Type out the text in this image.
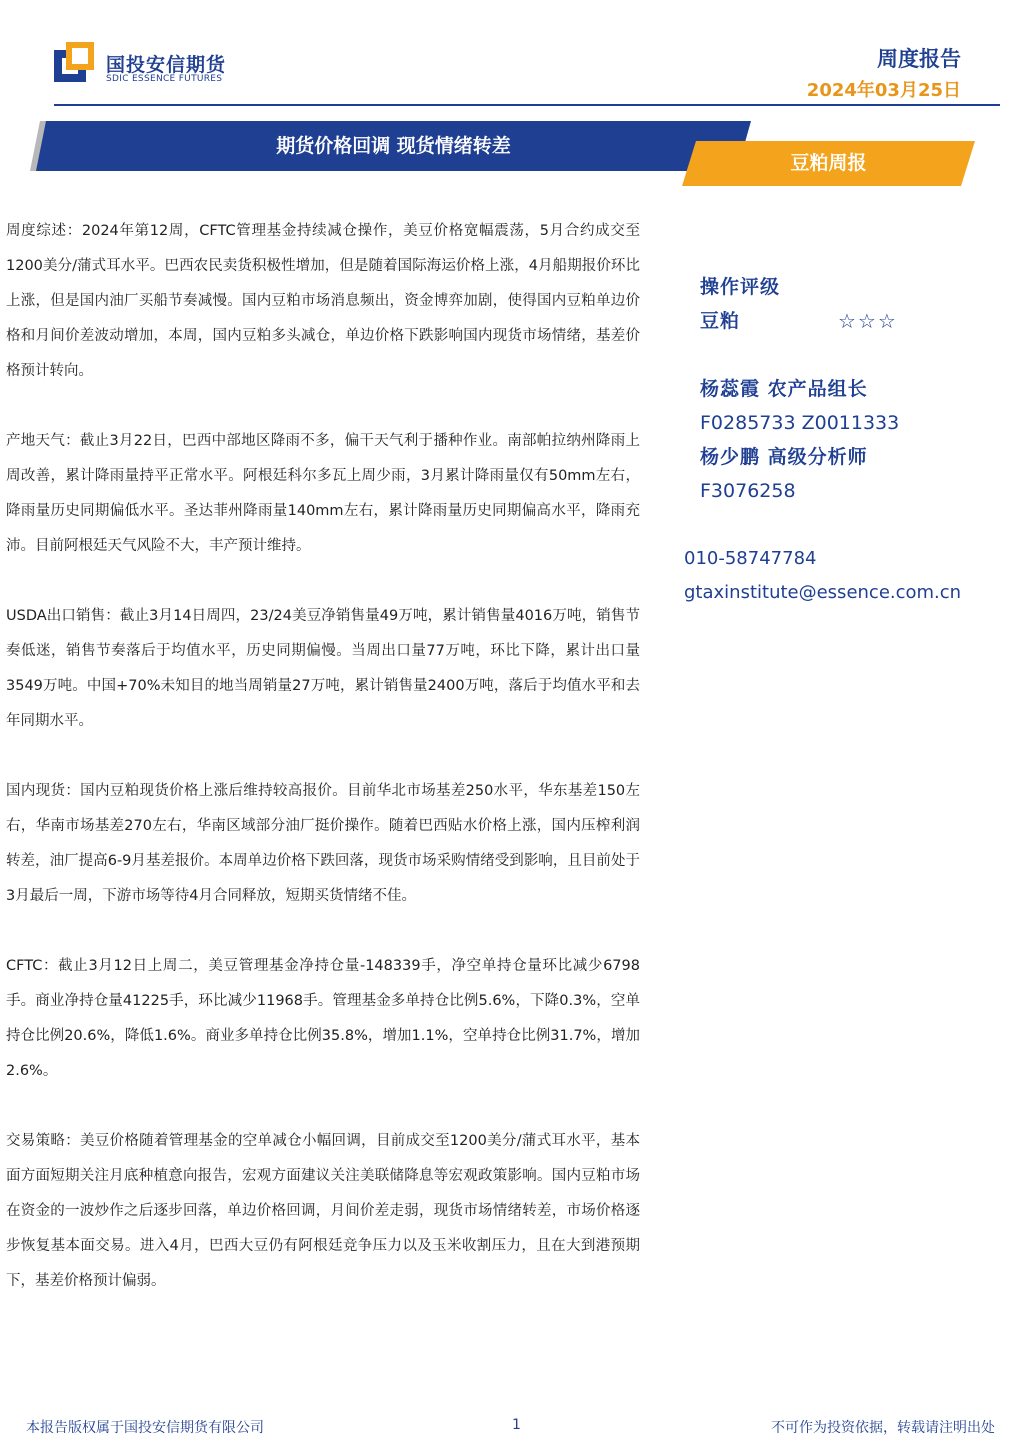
国投安信期货
SDIC ESSENCE FUTURES
周度报告
2024年03月25日
期货价格回调 现货情绪转差
豆粕周报

周度综述：2024年第12周，CFTC管理基金持续减仓操作，美豆价格宽幅震荡，5月合约成交至1200美分/蒲式耳水平。巴西农民卖货积极性增加，但是随着国际海运价格上涨，4月船期报价环比上涨，但是国内油厂买船节奏减慢。国内豆粕市场消息频出，资金博弈加剧，使得国内豆粕单边价格和月间价差波动增加，本周，国内豆粕多头减仓，单边价格下跌影响国内现货市场情绪，基差价格预计转向。

产地天气：截止3月22日，巴西中部地区降雨不多，偏干天气利于播种作业。南部帕拉纳州降雨上周改善，累计降雨量持平正常水平。阿根廷科尔多瓦上周少雨，3月累计降雨量仅有50mm左右，降雨量历史同期偏低水平。圣达菲州降雨量140mm左右，累计降雨量历史同期偏高水平，降雨充沛。目前阿根廷天气风险不大，丰产预计维持。

USDA出口销售：截止3月14日周四，23/24美豆净销售量49万吨，累计销售量4016万吨，销售节奏低迷，销售节奏落后于均值水平，历史同期偏慢。当周出口量77万吨，环比下降，累计出口量3549万吨。中国+70%未知目的地当周销量27万吨，累计销售量2400万吨，落后于均值水平和去年同期水平。

国内现货：国内豆粕现货价格上涨后维持较高报价。目前华北市场基差250水平，华东基差150左右，华南市场基差270左右，华南区域部分油厂挺价操作。随着巴西贴水价格上涨，国内压榨利润转差，油厂提高6-9月基差报价。本周单边价格下跌回落，现货市场采购情绪受到影响，且目前处于3月最后一周，下游市场等待4月合同释放，短期买货情绪不佳。

CFTC：截止3月12日上周二，美豆管理基金净持仓量-148339手，净空单持仓量环比减少6798手。商业净持仓量41225手，环比减少11968手。管理基金多单持仓比例5.6%，下降0.3%，空单持仓比例20.6%，降低1.6%。商业多单持仓比例35.8%，增加1.1%，空单持仓比例31.7%，增加2.6%。

交易策略：美豆价格随着管理基金的空单减仓小幅回调，目前成交至1200美分/蒲式耳水平，基本面方面短期关注月底种植意向报告，宏观方面建议关注美联储降息等宏观政策影响。国内豆粕市场在资金的一波炒作之后逐步回落，单边价格回调，月间价差走弱，现货市场情绪转差，市场价格逐步恢复基本面交易。进入4月，巴西大豆仍有阿根廷竞争压力以及玉米收割压力，且在大到港预期下，基差价格预计偏弱。

操作评级
豆粕	☆☆☆
杨蕊霞 农产品组长
F0285733 Z0011333
杨少鹏 高级分析师
F3076258
010-58747784
gtaxinstitute@essence.com.cn
本报告版权属于国投安信期货有限公司	1	不可作为投资依据，转载请注明出处
